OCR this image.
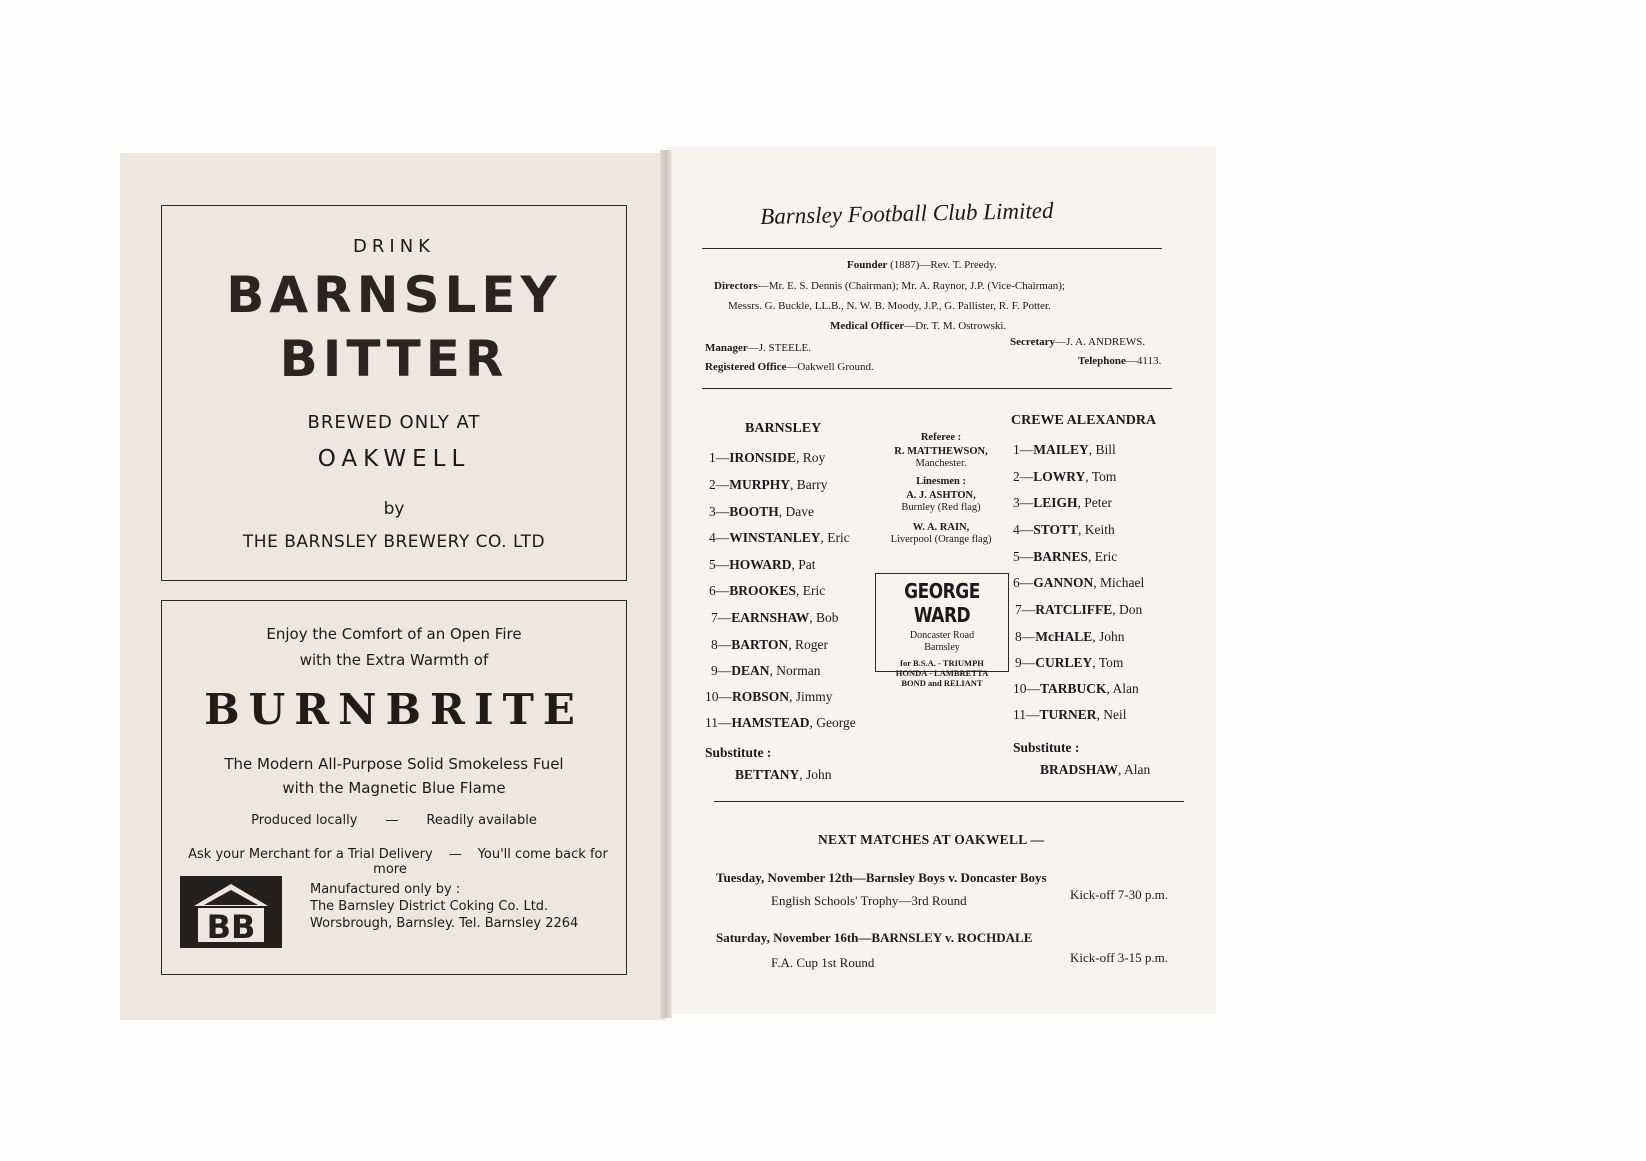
DRINK
BARNSLEY
BITTER
BREWED ONLY AT
OAKWELL
by
THE BARNSLEY BREWERY CO. LTD
Enjoy the Comfort of an Open Fire
with the Extra Warmth of
BURNBRITE
The Modern All-Purpose Solid Smokeless Fuel
with the Magnetic Blue Flame
Produced locally — Readily available
Ask your Merchant for a Trial Delivery — You'll come back for more
BB
Manufactured only by :
The Barnsley District Coking Co. Ltd.
Worsbrough, Barnsley. Tel. Barnsley 2264
Barnsley Football Club Limited
Founder (1887)—Rev. T. Preedy.
Directors—Mr. E. S. Dennis (Chairman); Mr. A. Raynor, J.P. (Vice-Chairman);
Messrs. G. Buckle, LL.B., N. W. B. Moody, J.P., G. Pallister, R. F. Potter.
Medical Officer—Dr. T. M. Ostrowski.
Manager—J. STEELE.	Secretary—J. A. ANDREWS.
Registered Office—Oakwell Ground.	Telephone—4113.
BARNSLEY
CREWE ALEXANDRA
1—IRONSIDE, Roy
2—MURPHY, Barry
3—BOOTH, Dave
4—WINSTANLEY, Eric
5—HOWARD, Pat
6—BROOKES, Eric
7—EARNSHAW, Bob
8—BARTON, Roger
9—DEAN, Norman
10—ROBSON, Jimmy
11—HAMSTEAD, George
Substitute :
BETTANY, John
Referee :
R. MATTHEWSON,
Manchester.
Linesmen :
A. J. ASHTON,
Burnley (Red flag)
W. A. RAIN,
Liverpool (Orange flag)
GEORGE WARD
Doncaster Road
Barnsley
for B.S.A. - TRIUMPH
HONDA - LAMBRETTA
BOND and RELIANT
1—MAILEY, Bill
2—LOWRY, Tom
3—LEIGH, Peter
4—STOTT, Keith
5—BARNES, Eric
6—GANNON, Michael
7—RATCLIFFE, Don
8—McHALE, John
9—CURLEY, Tom
10—TARBUCK, Alan
11—TURNER, Neil
Substitute :
BRADSHAW, Alan
NEXT MATCHES AT OAKWELL —
Tuesday, November 12th—Barnsley Boys v. Doncaster Boys
English Schools' Trophy—3rd Round	Kick-off 7-30 p.m.
Saturday, November 16th—BARNSLEY v. ROCHDALE
F.A. Cup 1st Round	Kick-off 3-15 p.m.
